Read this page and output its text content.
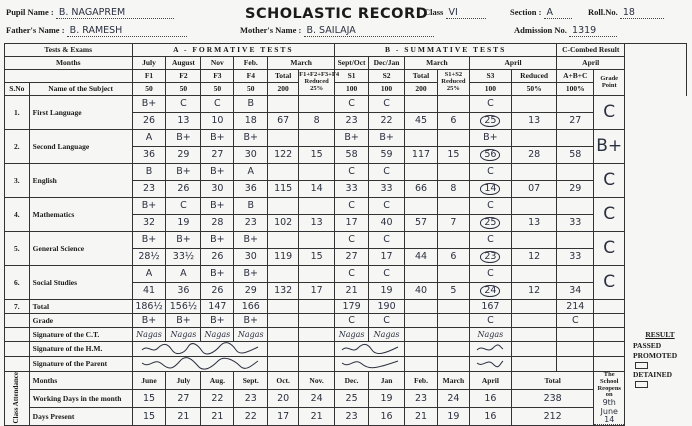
SCHOLASTIC RECORD
Pupil Name : B. NAGAPREM	Class VI	Section : A	Roll.No. 18
Father's Name : B. RAMESH	Mother's Name : B. SAILAJA	Admission No. 1319
Tests & Exams		A - FORMATIVE TESTS						B - SUMMATIVE TESTS						C-Combed Result		
Months		July	August	Nov	Feb.	March		Sept/Oct	Dec/Jan	March		April		April		
		F1	F2	F3	F4	Total	F1+F2+F3+F4 Reduced 25%	S1	S2	Total	S1+S2 Reduced 25%	S3	Reduced	A+B+C	Grade Point	
S.No	Name of the Subject	50	50	50	50	200		100	100	200		100	50%	100%		
1.	First Language	B+	C	C	B			C	C			C			C	
		26	13	10	18	67	8	23	22	45	6	25	13	27		
2.	Second Language	A	B+	B+	B+			B+	B+			B+			B+	
		36	29	27	30	122	15	58	59	117	15	56	28	58		
3.	English	B	B+	B+	A			C	C			C			C	
		23	26	30	36	115	14	33	33	66	8	14	07	29		
4.	Mathematics	B+	C	B+	B			C	C			C			C	
		32	19	28	23	102	13	17	40	57	7	25	13	33		
5.	General Science	B+	B+	B+	B+			C	C			C			C	
		28½	33½	26	30	119	15	27	17	44	6	23	12	33		
6.	Social Studies	A	A	B+	B+			C	C			C			C	
		41	36	26	29	132	17	21	19	40	5	24	12	34		
7.	Total	186½	156½	147	166			179	190			167		214		
	Grade	B+	B+	B+	B+			C	C			C		C		
	Signature of the C.T.	Nagas	Nagas	Nagas	Nagas			Nagas	Nagas			Nagas				
	Signature of the H.M.										
	Signature of the Parent										
Class Attendance	Months	June	July	Aug.	Sept.	Oct.	Nov.	Dec.	Jan	Feb.	March	April	Total		The School Reopens on
9th June 14	
	Working Days in the month	15	27	22	23	20	24	25	19	23	24	16	238			
	Days Present	15	21	21	22	17	21	23	16	21	19	16	212			
RESULT
PASSED
PROMOTED
DETAINED
